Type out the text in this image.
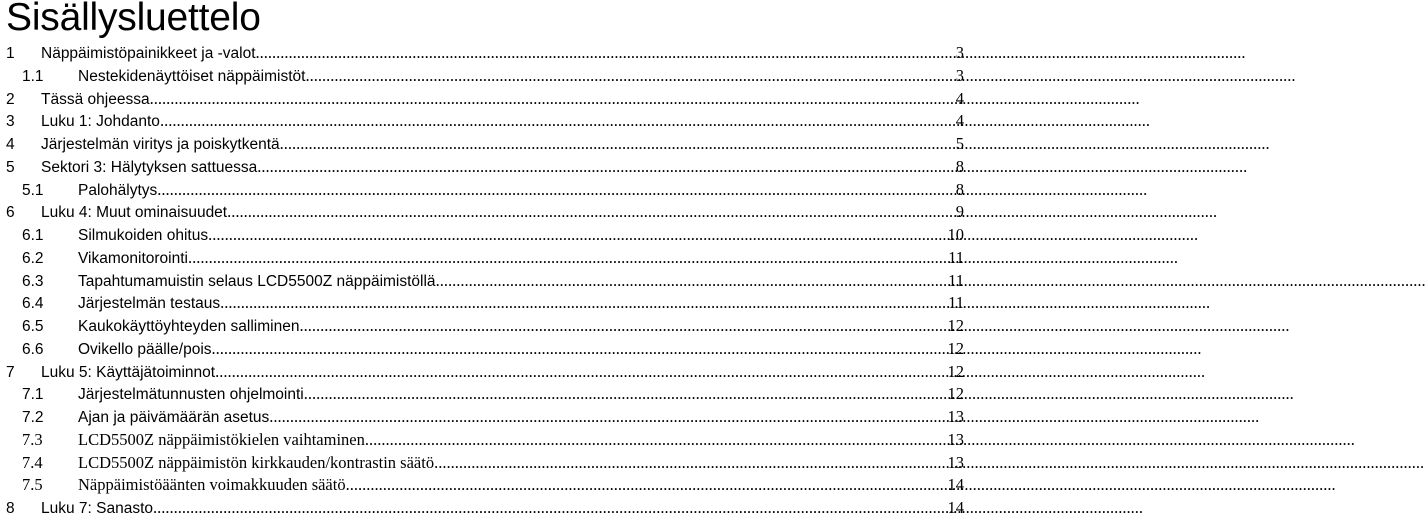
Sisällysluettelo
1	Näppäimistöpainikkeet ja -valot .....	3
1.1	Nestekidenäyttöiset näppäimistöt .....	3
2	Tässä ohjeessa .....	4
3	Luku 1: Johdanto .....	4
4	Järjestelmän viritys ja poiskytkentä .....	5
5	Sektori 3: Hälytyksen sattuessa .....	8
5.1	Palohälytys .....	8
6	Luku 4: Muut ominaisuudet .....	9
6.1	Silmukoiden ohitus .....	10
6.2	Vikamonitorointi .....	11
6.3	Tapahtumamuistin selaus LCD5500Z näppäimistöllä .....	11
6.4	Järjestelmän testaus .....	11
6.5	Kaukokäyttöyhteyden salliminen .....	12
6.6	Ovikello päälle/pois .....	12
7	Luku 5: Käyttäjätoiminnot .....	12
7.1	Järjestelmätunnusten ohjelmointi .....	12
7.2	Ajan ja päivämäärän asetus .....	13
7.3	LCD5500Z näppäimistökielen vaihtaminen .....	13
7.4	LCD5500Z näppäimistön kirkkauden/kontrastin säätö .....	13
7.5	Näppäimistöäänten voimakkuuden säätö .....	14
8	Luku 7: Sanasto .....	14
